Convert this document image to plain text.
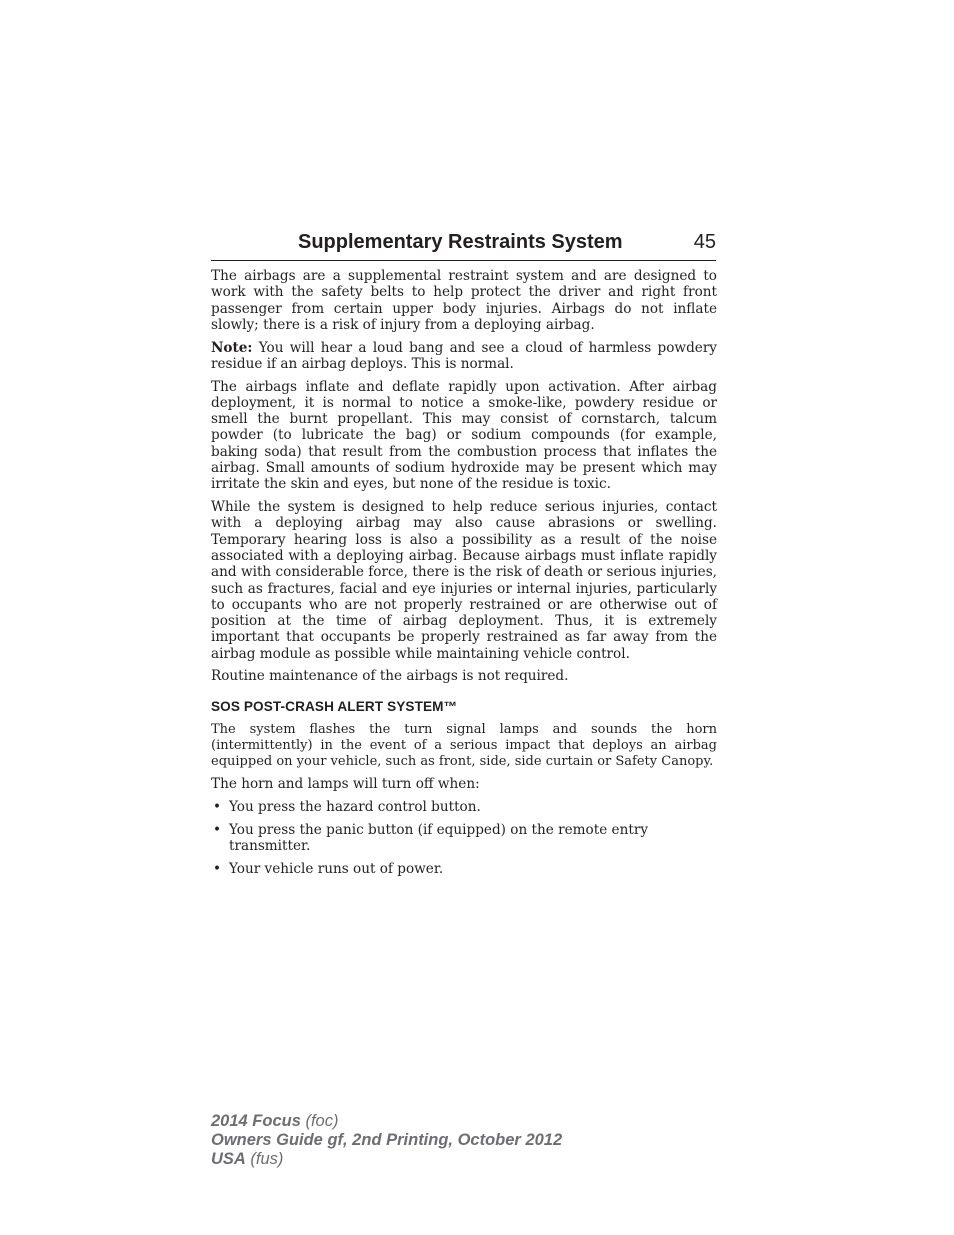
Supplementary Restraints System	45

The airbags are a supplemental restraint system and are designed to work with the safety belts to help protect the driver and right front passenger from certain upper body injuries. Airbags do not inflate slowly; there is a risk of injury from a deploying airbag.

Note: You will hear a loud bang and see a cloud of harmless powdery residue if an airbag deploys. This is normal.

The airbags inflate and deflate rapidly upon activation. After airbag deployment, it is normal to notice a smoke-like, powdery residue or smell the burnt propellant. This may consist of cornstarch, talcum powder (to lubricate the bag) or sodium compounds (for example, baking soda) that result from the combustion process that inflates the airbag. Small amounts of sodium hydroxide may be present which may irritate the skin and eyes, but none of the residue is toxic.

While the system is designed to help reduce serious injuries, contact with a deploying airbag may also cause abrasions or swelling. Temporary hearing loss is also a possibility as a result of the noise associated with a deploying airbag. Because airbags must inflate rapidly and with considerable force, there is the risk of death or serious injuries, such as fractures, facial and eye injuries or internal injuries, particularly to occupants who are not properly restrained or are otherwise out of position at the time of airbag deployment. Thus, it is extremely important that occupants be properly restrained as far away from the airbag module as possible while maintaining vehicle control.

Routine maintenance of the airbags is not required.

SOS POST-CRASH ALERT SYSTEM™

The system flashes the turn signal lamps and sounds the horn (intermittently) in the event of a serious impact that deploys an airbag equipped on your vehicle, such as front, side, side curtain or Safety Canopy.

The horn and lamps will turn off when:

• You press the hazard control button.
• You press the panic button (if equipped) on the remote entry transmitter.
• Your vehicle runs out of power.
2014 Focus (foc)
Owners Guide gf, 2nd Printing, October 2012
USA (fus)
